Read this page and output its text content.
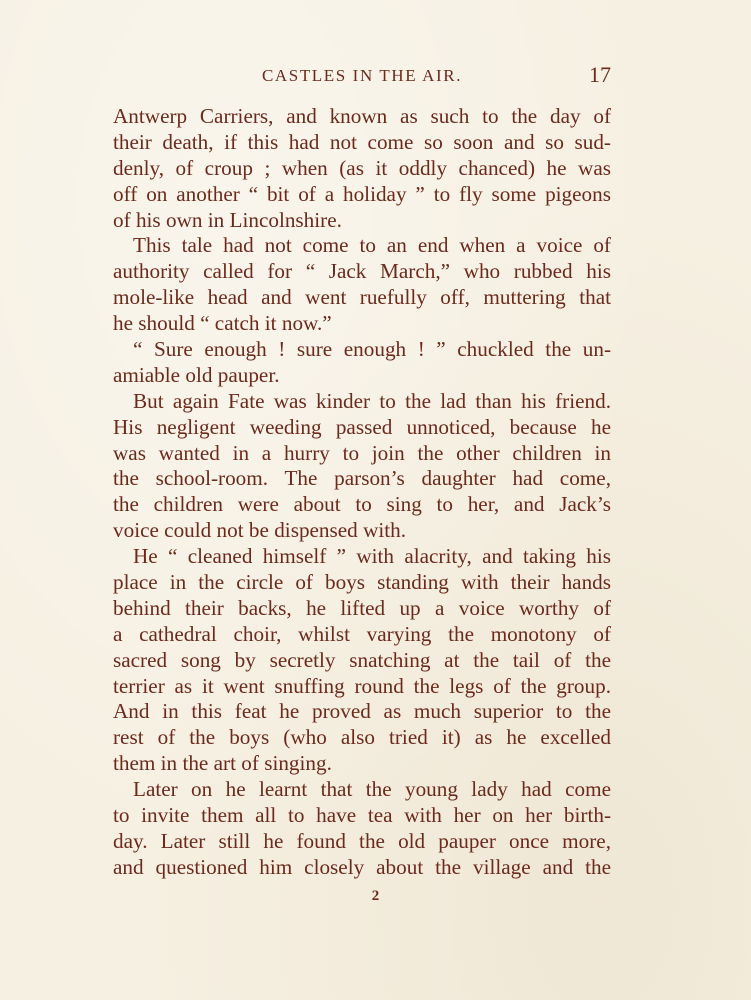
CASTLES IN THE AIR.	17
Antwerp Carriers, and known as such to the day of
their death, if this had not come so soon and so sud-
denly, of croup ; when (as it oddly chanced) he was
off on another “ bit of a holiday ” to fly some pigeons
of his own in Lincolnshire.
This tale had not come to an end when a voice of
authority called for “ Jack March,” who rubbed his
mole-like head and went ruefully off, muttering that
he should “ catch it now.”
“ Sure enough ! sure enough ! ” chuckled the un-
amiable old pauper.
But again Fate was kinder to the lad than his friend.
His negligent weeding passed unnoticed, because he
was wanted in a hurry to join the other children in
the school-room. The parson’s daughter had come,
the children were about to sing to her, and Jack’s
voice could not be dispensed with.
He “ cleaned himself ” with alacrity, and taking his
place in the circle of boys standing with their hands
behind their backs, he lifted up a voice worthy of
a cathedral choir, whilst varying the monotony of
sacred song by secretly snatching at the tail of the
terrier as it went snuffing round the legs of the group.
And in this feat he proved as much superior to the
rest of the boys (who also tried it) as he excelled
them in the art of singing.
Later on he learnt that the young lady had come
to invite them all to have tea with her on her birth-
day. Later still he found the old pauper once more,
and questioned him closely about the village and the
2
